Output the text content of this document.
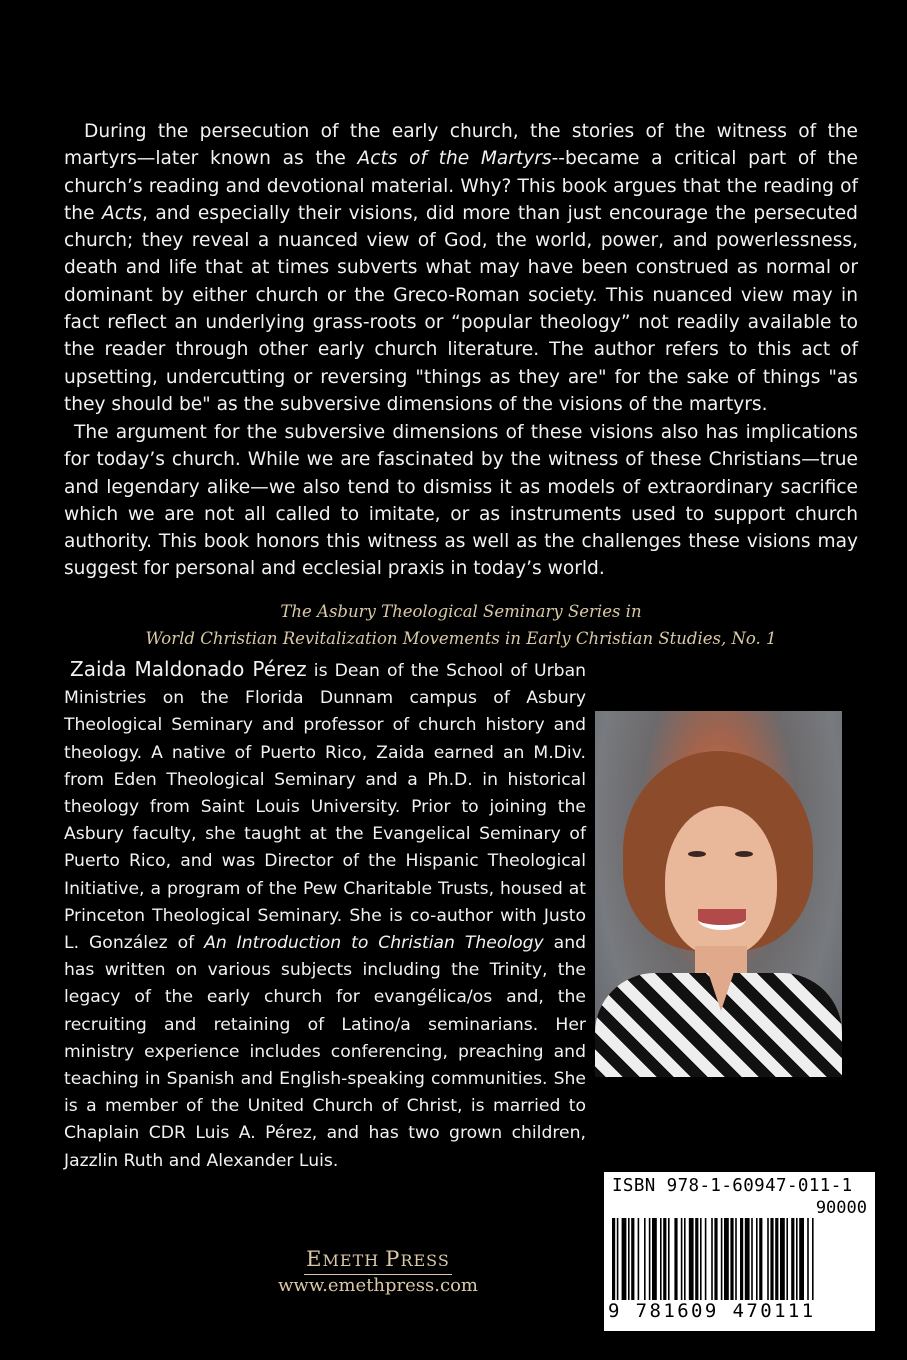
During the persecution of the early church, the stories of the witness of the martyrs—later known as the Acts of the Martyrs--became a critical part of the church’s reading and devotional material. Why? This book argues that the reading of the Acts, and especially their visions, did more than just encourage the persecuted church; they reveal a nuanced view of God, the world, power, and powerlessness, death and life that at times subverts what may have been construed as normal or dominant by either church or the Greco-Roman society. This nuanced view may in fact reflect an underlying grass-roots or “popular theology” not readily available to the reader through other early church literature. The author refers to this act of upsetting, undercutting or reversing "things as they are" for the sake of things "as they should be" as the subversive dimensions of the visions of the martyrs.

The argument for the subversive dimensions of these visions also has implications for today’s church. While we are fascinated by the witness of these Christians—true and legendary alike—we also tend to dismiss it as models of extraordinary sacrifice which we are not all called to imitate, or as instruments used to support church authority. This book honors this witness as well as the challenges these visions may suggest for personal and ecclesial praxis in today’s world.

The Asbury Theological Seminary Series in
World Christian Revitalization Movements in Early Christian Studies, No. 1

Zaida Maldonado Pérez is Dean of the School of Urban Ministries on the Florida Dunnam campus of Asbury Theological Seminary and professor of church history and theology. A native of Puerto Rico, Zaida earned an M.Div. from Eden Theological Seminary and a Ph.D. in historical theology from Saint Louis University. Prior to joining the Asbury faculty, she taught at the Evangelical Seminary of Puerto Rico, and was Director of the Hispanic Theological Initiative, a program of the Pew Charitable Trusts, housed at Princeton Theological Seminary. She is co-author with Justo L. González of An Introduction to Christian Theology and has written on various subjects including the Trinity, the legacy of the early church for evangélica/os and, the recruiting and retaining of Latino/a seminarians. Her ministry experience includes conferencing, preaching and teaching in Spanish and English-speaking communities. She is a member of the United Church of Christ, is married to Chaplain CDR Luis A. Pérez, and has two grown children, Jazzlin Ruth and Alexander Luis.

ISBN 978-1-60947-011-1
90000
9 781609 470111
EMETH PRESS
www.emethpress.com
